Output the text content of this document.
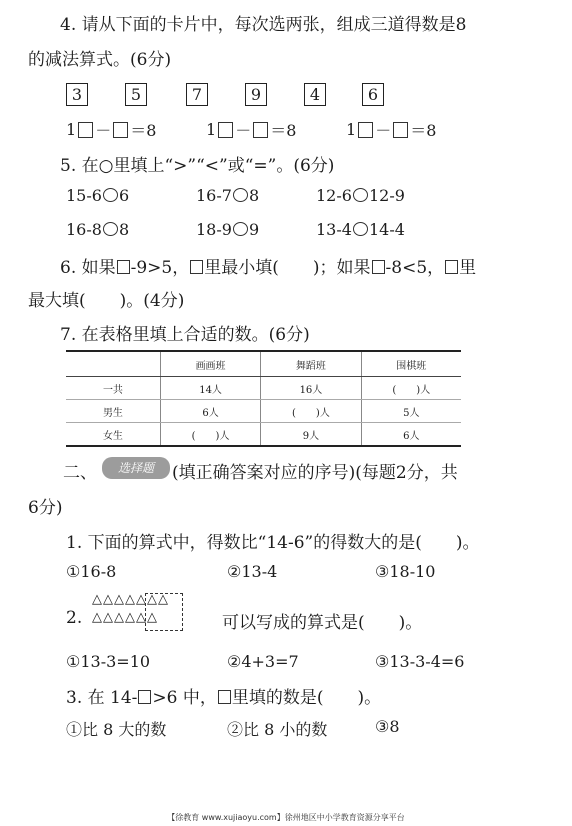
4. 请从下面的卡片中，每次选两张，组成三道得数是8
的减法算式。(6分)
3	5	7	9	4	6
1 － ＝8	1 － ＝8	1 － ＝8
5. 在○里填上“>”“<”或“=”。(6分)
15-6 6	16-7 8	12-6 12-9
16-8 8	18-9 9	13-4 14-4
6. 如果 -9>5， 里最小填(　　)；如果 -8<5， 里
最大填(　　)。(4分)
7. 在表格里填上合适的数。(6分)
	画画班	舞蹈班	围棋班
一共	14人	16人	(　　)人
男生	6人	(　　)人	5人
女生	(　　)人	9人	6人
二、	选择题	(填正确答案对应的序号)(每题2分，共
6分)
1. 下面的算式中，得数比“14-6”的得数大的是(　　)。
①16-8	②13-4	③18-10
△△△△△△△
△△△△△△
2.	可以写成的算式是(　　)。
①13-3=10	②4+3=7	③13-3-4=6
3. 在 14- >6 中， 里填的数是(　　)。
①比 8 大的数	②比 8 小的数	③8
【徐教育 www.xujiaoyu.com】徐州地区中小学教育资源分享平台
